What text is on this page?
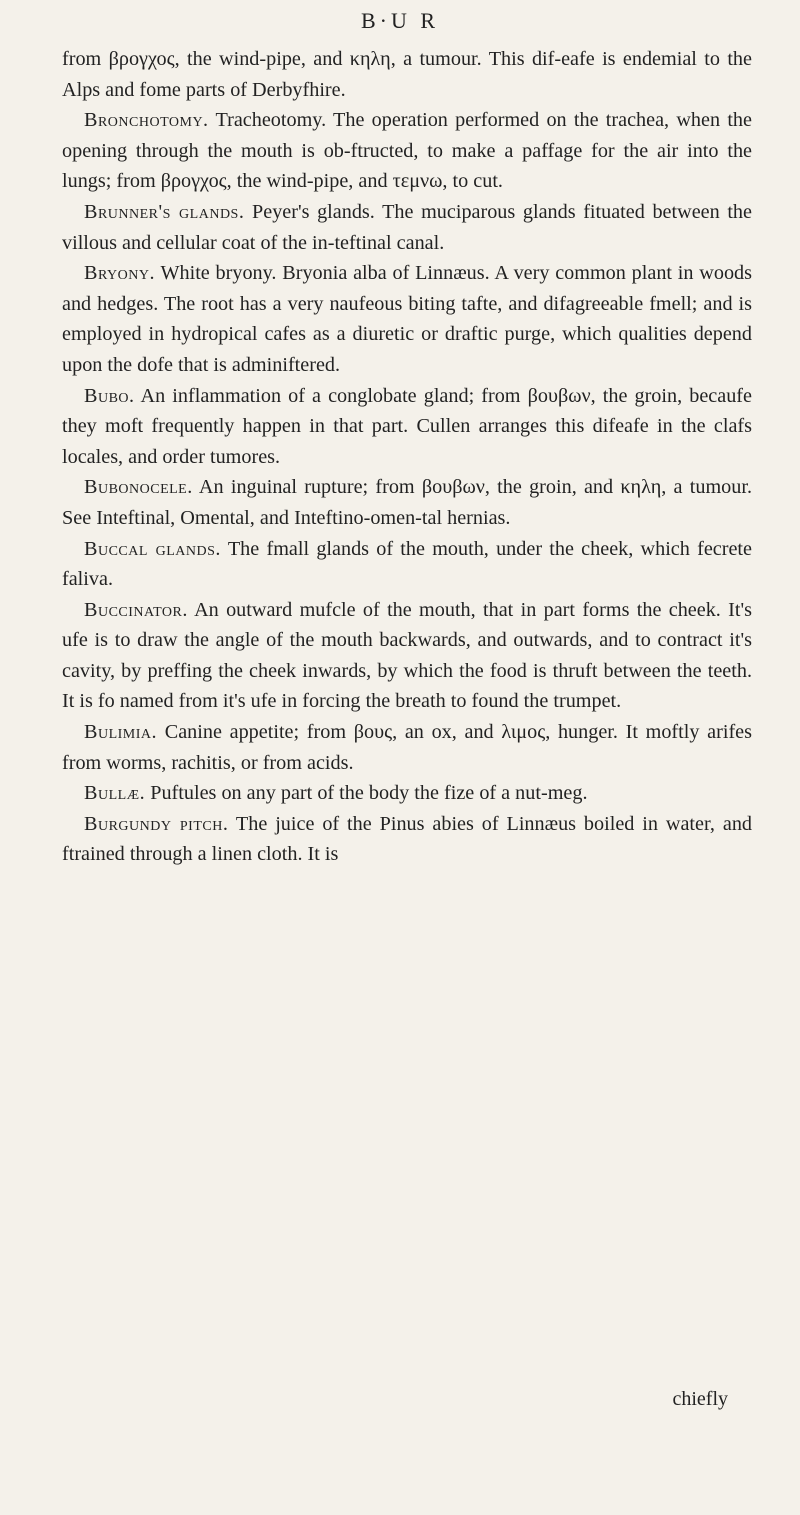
B·U R

from βρογχος, the wind-pipe, and κηλη, a tumour. This dif-eafe is endemial to the Alps and fome parts of Derbyfhire.

Bronchotomy. Tracheotomy. The operation performed on the trachea, when the opening through the mouth is ob-ftructed, to make a paffage for the air into the lungs; from βρογχος, the wind-pipe, and τεμνω, to cut.

Brunner's glands. Peyer's glands. The muciparous glands fituated between the villous and cellular coat of the in-teftinal canal.

Bryony. White bryony. Bryonia alba of Linnæus. A very common plant in woods and hedges. The root has a very naufeous biting tafte, and difagreeable fmell; and is employed in hydropical cafes as a diuretic or draftic purge, which qualities depend upon the dofe that is adminiftered.

Bubo. An inflammation of a conglobate gland; from βουβων, the groin, becaufe they moft frequently happen in that part. Cullen arranges this difeafe in the clafs locales, and order tumores.

Bubonocele. An inguinal rupture; from βουβων, the groin, and κηλη, a tumour. See Inteftinal, Omental, and Inteftino-omen-tal hernias.

Buccal glands. The fmall glands of the mouth, under the cheek, which fecrete faliva.

Buccinator. An outward mufcle of the mouth, that in part forms the cheek. It's ufe is to draw the angle of the mouth backwards, and outwards, and to contract it's cavity, by preffing the cheek inwards, by which the food is thruft between the teeth. It is fo named from it's ufe in forcing the breath to found the trumpet.

Bulimia. Canine appetite; from βους, an ox, and λιμος, hunger. It moftly arifes from worms, rachitis, or from acids.

Bullæ. Puftules on any part of the body the fize of a nut-meg.

Burgundy pitch. The juice of the Pinus abies of Linnæus boiled in water, and ftrained through a linen cloth. It is

chiefly
